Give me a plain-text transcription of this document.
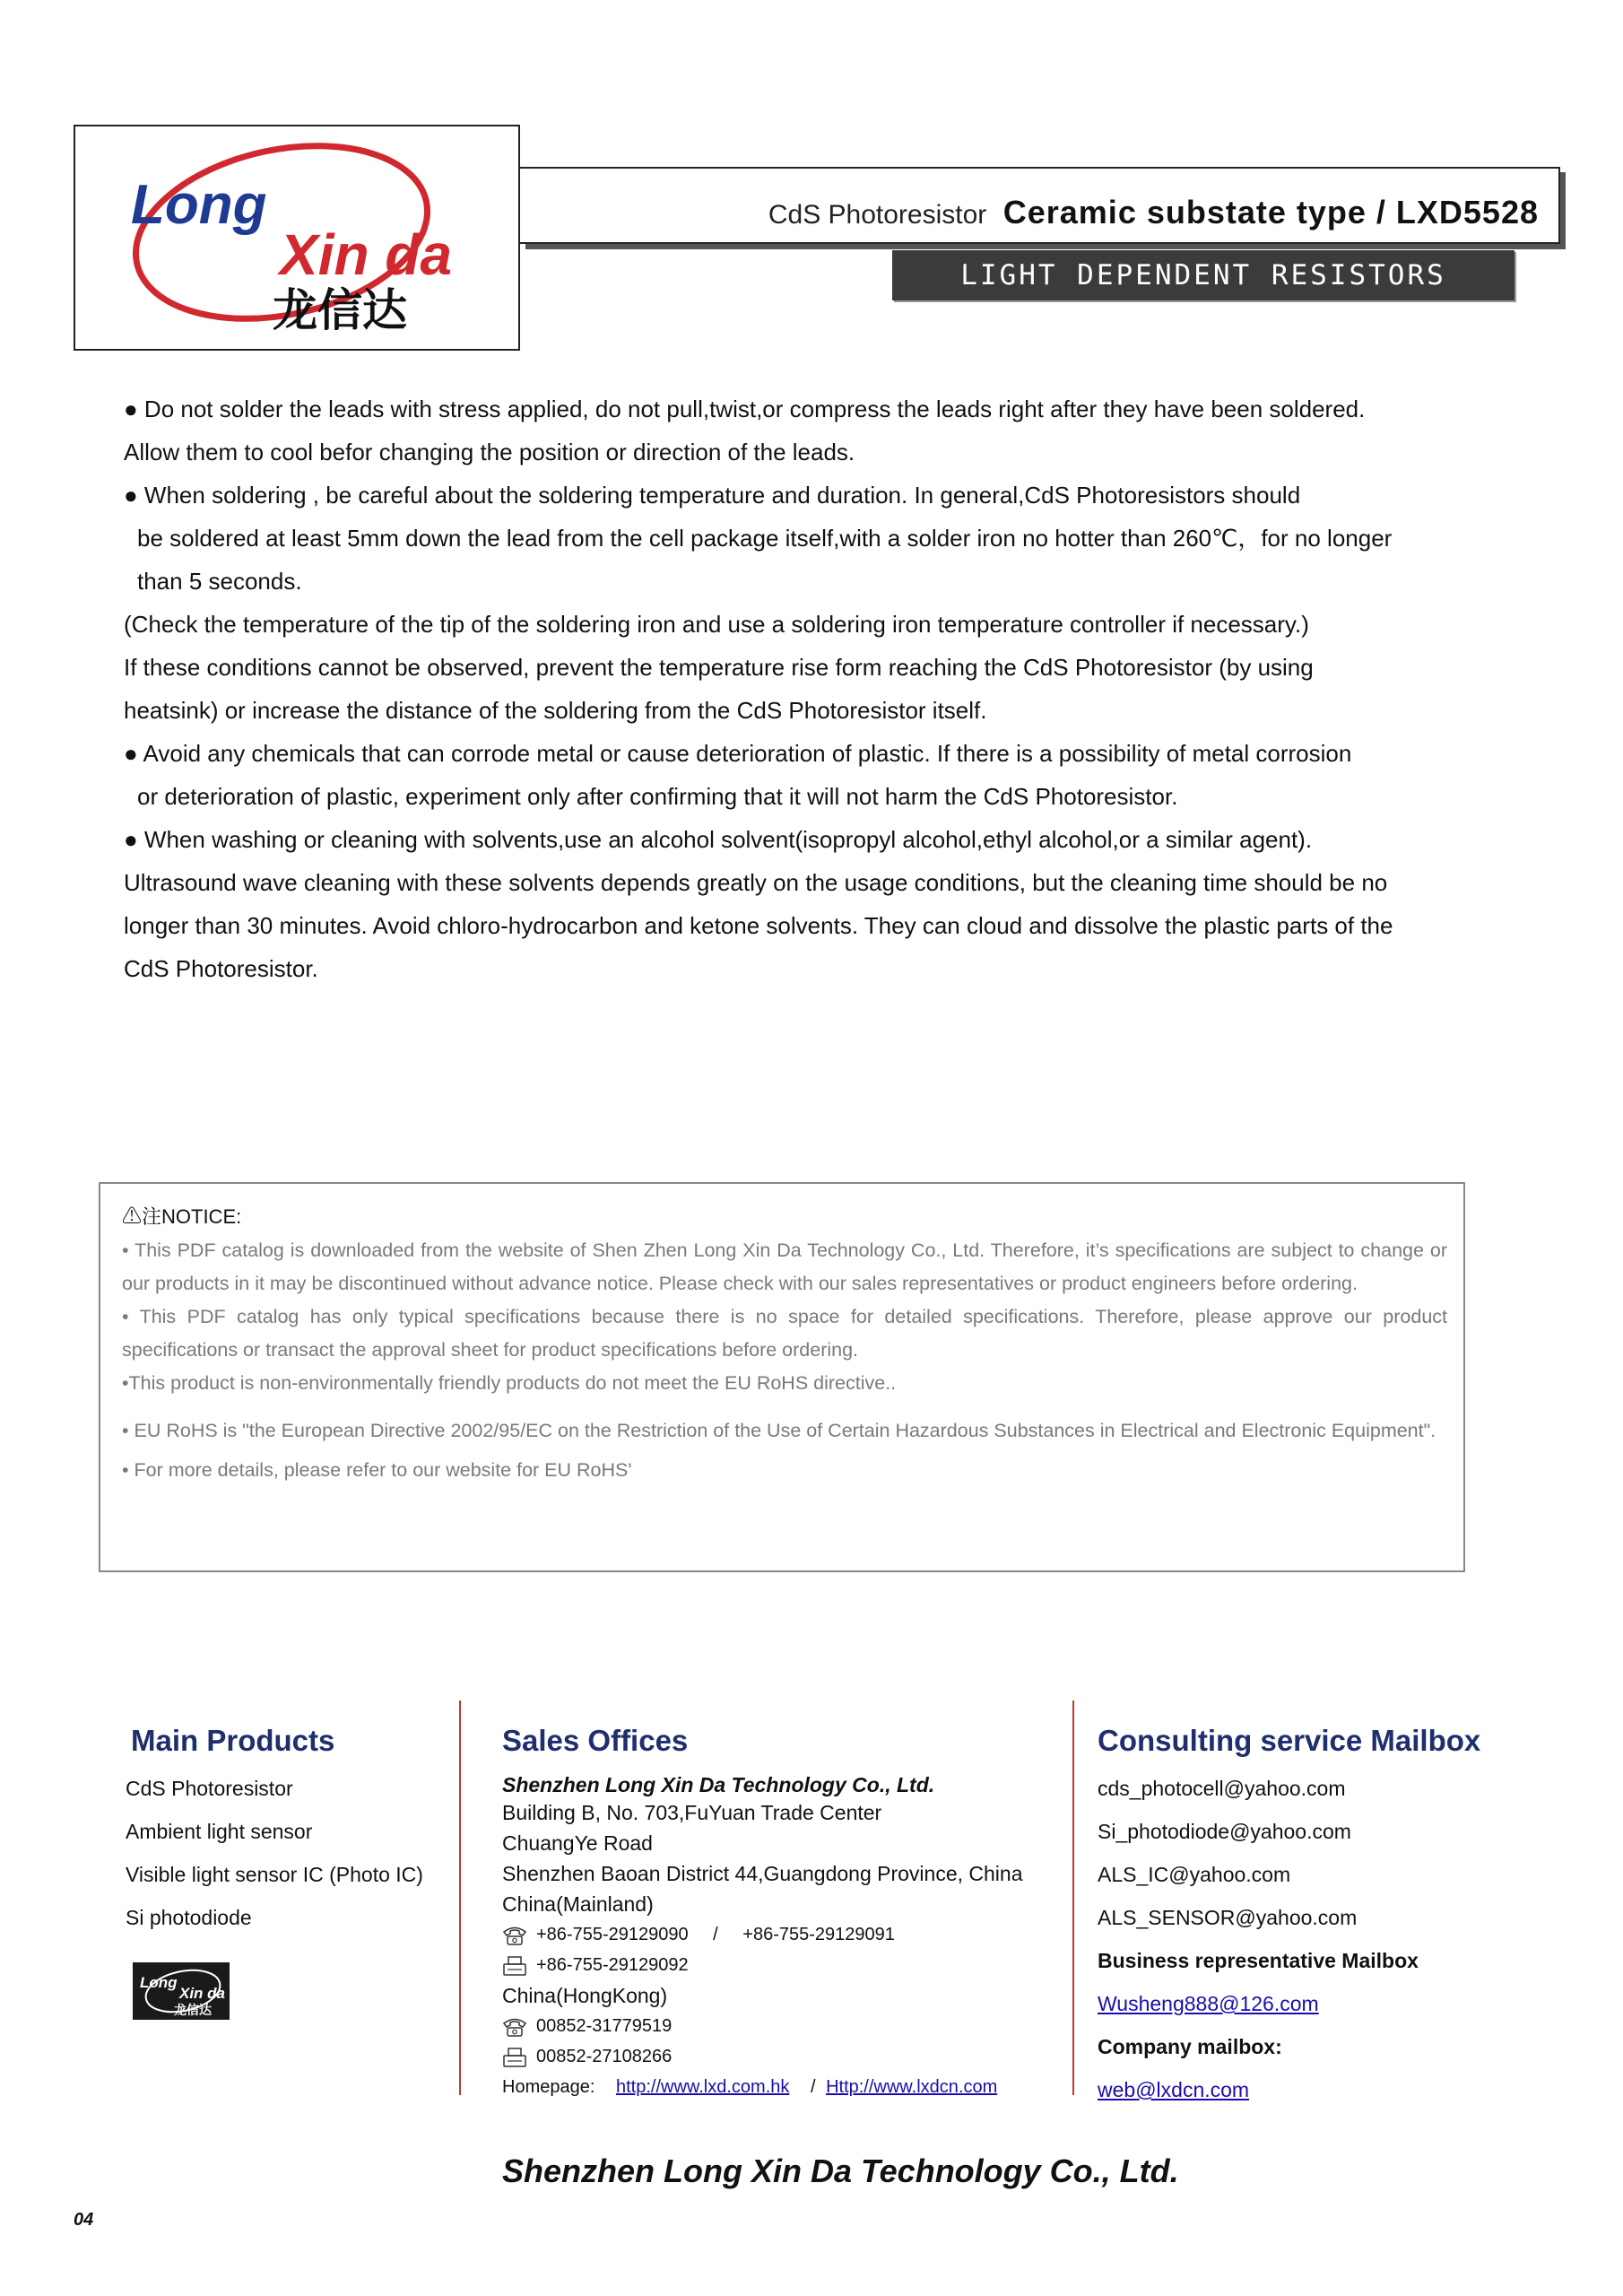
Long
Xin da
龙信达
CdS Photoresistor Ceramic substate type / LXD5528
LIGHT DEPENDENT RESISTORS

● Do not solder the leads with stress applied, do not pull,twist,or compress the leads right after they have been soldered.

Allow them to cool befor changing the position or direction of the leads.

● When soldering , be careful about the soldering temperature and duration. In general,CdS Photoresistors should

be soldered at least 5mm down the lead from the cell package itself,with a solder iron no hotter than 260℃，for no longer

than 5 seconds.

(Check the temperature of the tip of the soldering iron and use a soldering iron temperature controller if necessary.)

If these conditions cannot be observed, prevent the temperature rise form reaching the CdS Photoresistor (by using

heatsink) or increase the distance of the soldering from the CdS Photoresistor itself.

● Avoid any chemicals that can corrode metal or cause deterioration of plastic. If there is a possibility of metal corrosion

or deterioration of plastic, experiment only after confirming that it will not harm the CdS Photoresistor.

● When washing or cleaning with solvents,use an alcohol solvent(isopropyl alcohol,ethyl alcohol,or a similar agent).

Ultrasound wave cleaning with these solvents depends greatly on the usage conditions, but the cleaning time should be no

longer than 30 minutes. Avoid chloro-hydrocarbon and ketone solvents. They can cloud and dissolve the plastic parts of the

CdS Photoresistor.

⚠注NOTICE:

• This PDF catalog is downloaded from the website of Shen Zhen Long Xin Da Technology Co., Ltd. Therefore, it’s specifications are subject to change or our products in it may be discontinued without advance notice. Please check with our sales representatives or product engineers before ordering.

• This PDF catalog has only typical specifications because there is no space for detailed specifications. Therefore, please approve our product specifications or transact the approval sheet for product specifications before ordering.

•This product is non-environmentally friendly products do not meet the EU RoHS directive..

• EU RoHS is "the European Directive 2002/95/EC on the Restriction of the Use of Certain Hazardous Substances in Electrical and Electronic Equipment".

• For more details, please refer to our website for EU RoHS'

Main Products
CdS Photoresistor
Ambient light sensor
Visible light sensor IC (Photo IC)
Si photodiode
Long
Xin da
龙信达
Sales Offices
Shenzhen Long Xin Da Technology Co., Ltd.
Building B, No. 703,FuYuan Trade Center
ChuangYe Road
Shenzhen Baoan District 44,Guangdong Province, China
China(Mainland)
+86-755-29129090 / +86-755-29129091
+86-755-29129092
China(HongKong)
00852-31779519
00852-27108266
Homepage: http://www.lxd.com.hk / Http://www.lxdcn.com
Consulting service Mailbox
cds_photocell@yahoo.com
Si_photodiode@yahoo.com
ALS_IC@yahoo.com
ALS_SENSOR@yahoo.com
Business representative Mailbox
Wusheng888@126.com
Company mailbox:
web@lxdcn.com
Shenzhen Long Xin Da Technology Co., Ltd.
04
